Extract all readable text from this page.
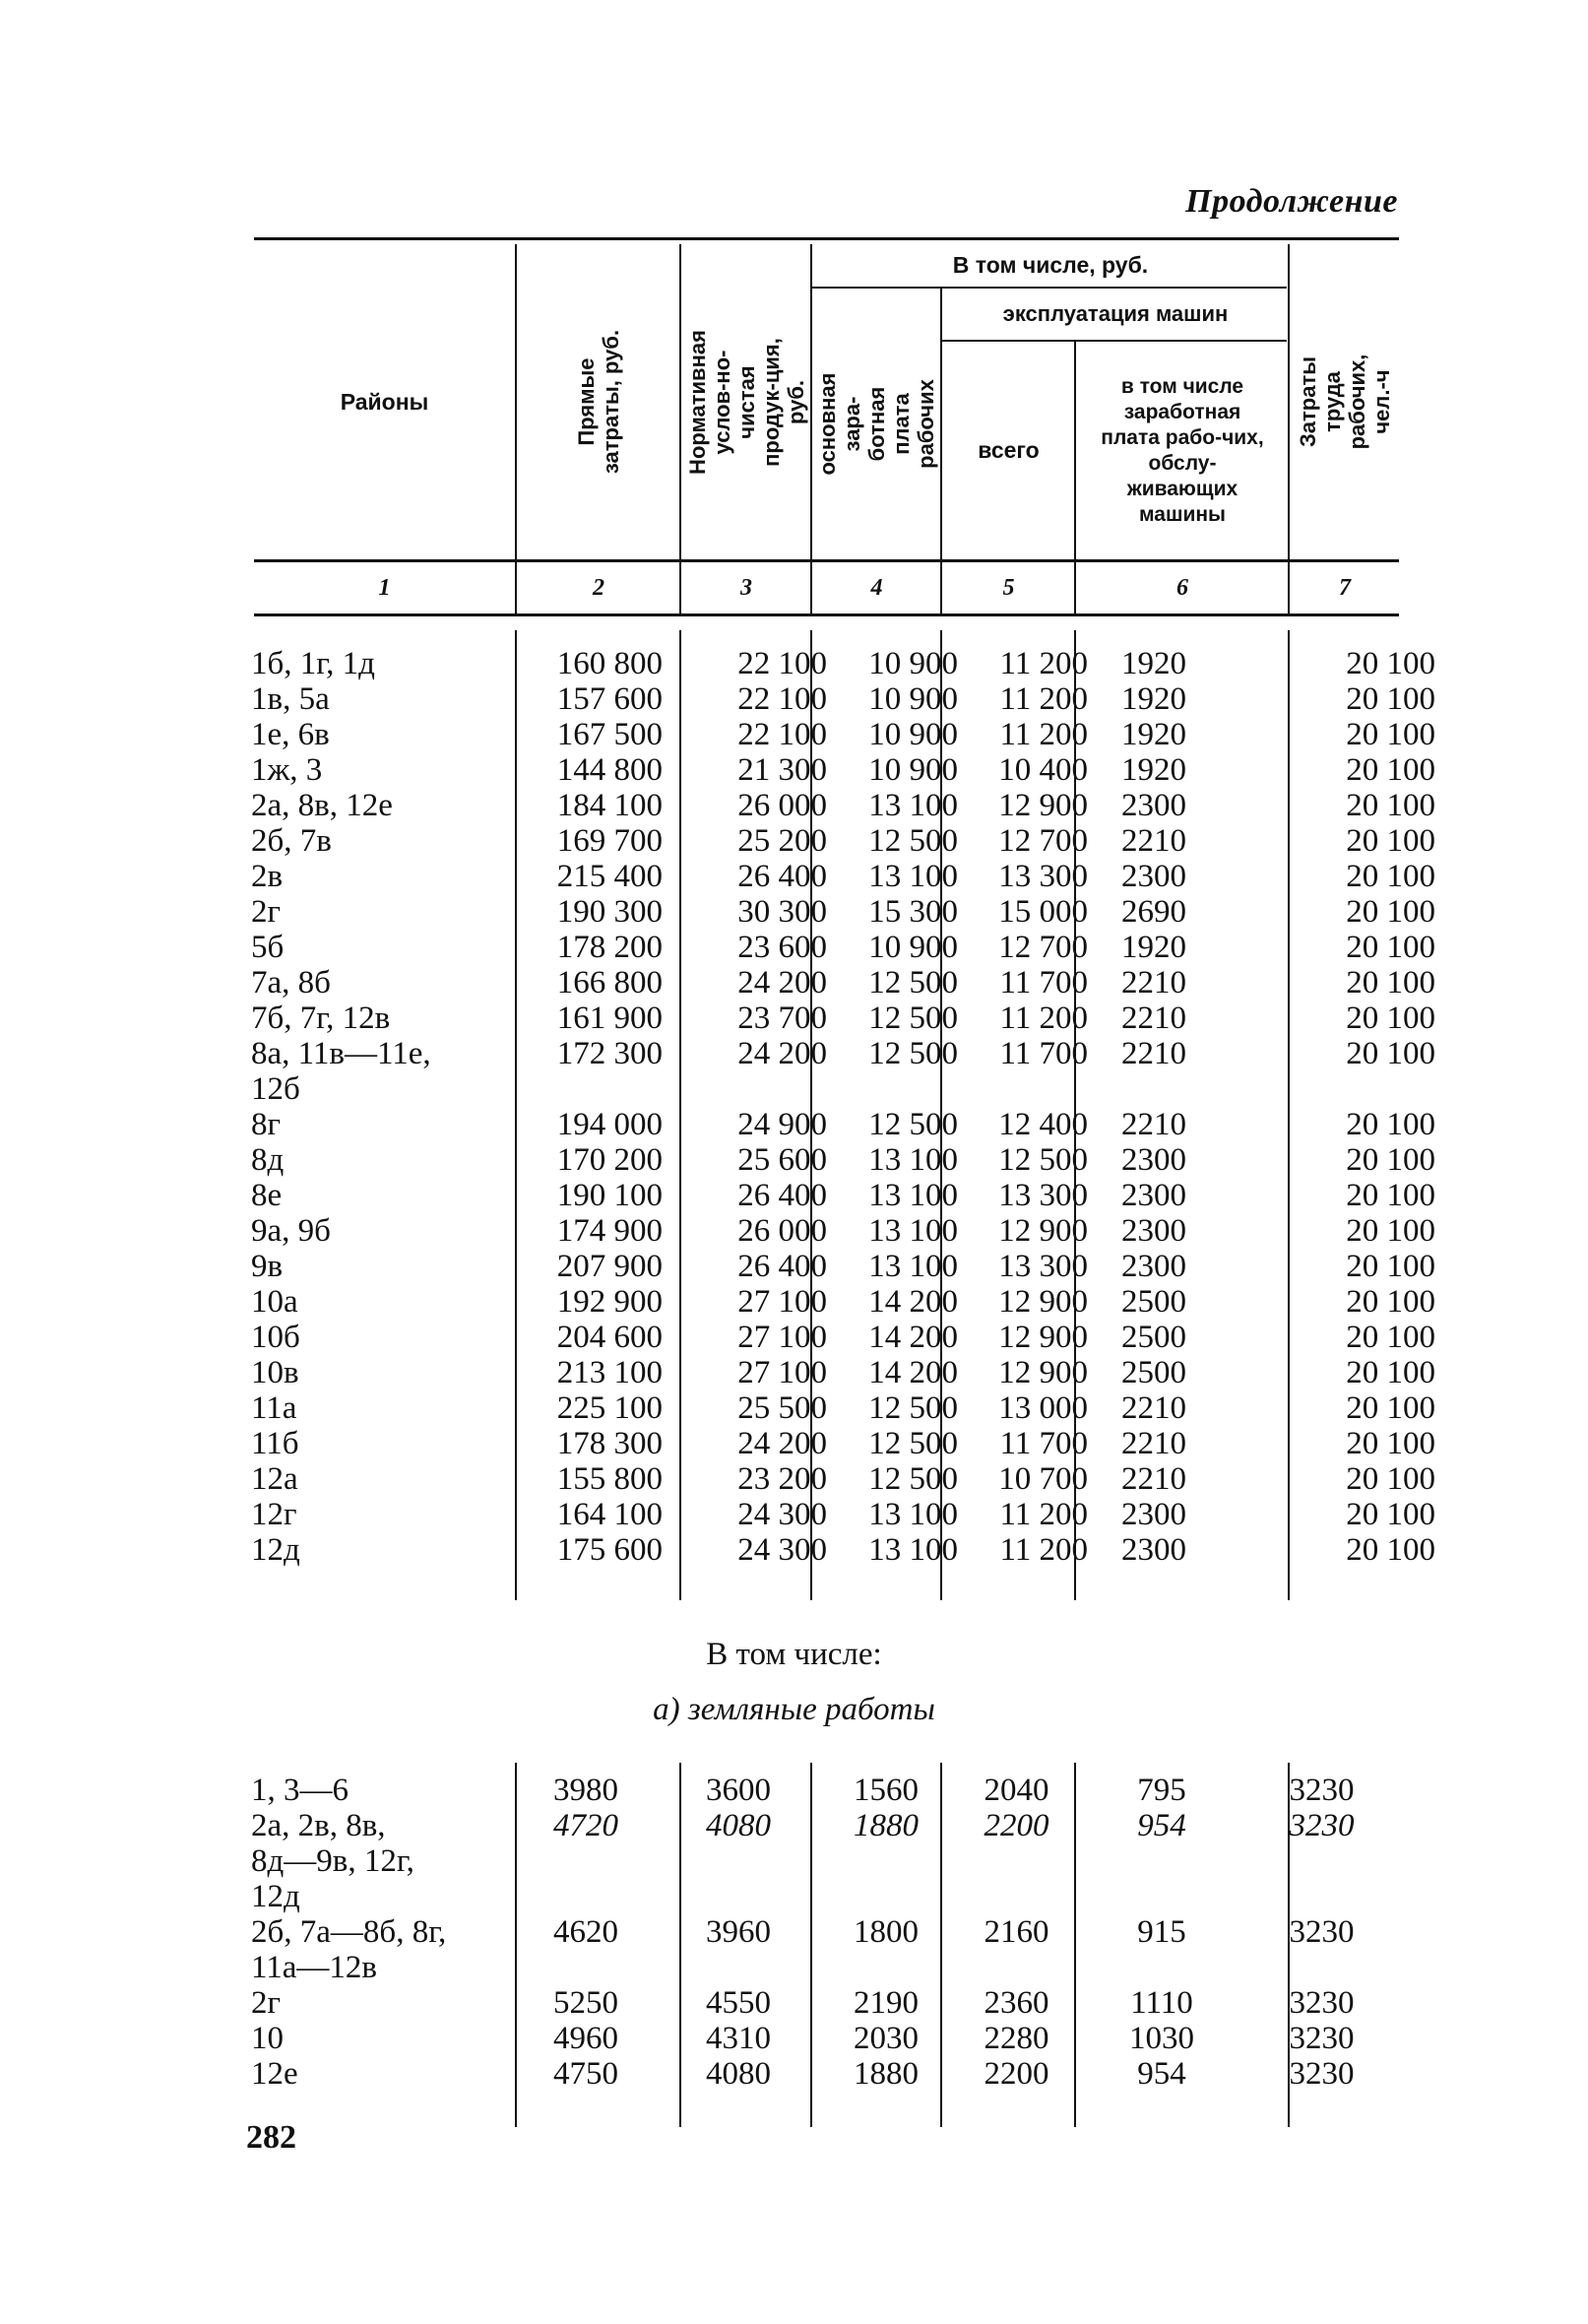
Продолжение
Районы	Прямые затраты, руб.	Нормативная услов-но-чистая продук-ция, руб.
В том числе, руб.
основная зара-ботная плата рабочих
эксплуатация машин
всего
в том числе заработная плата рабо-чих, обслу-живающих машины
Затраты труда рабочих, чел.-ч
1	2	3	4	5	6	7
1б, 1г, 1д	160 800	22 100	10 900	11 200	1920	20 100
1в, 5а	157 600	22 100	10 900	11 200	1920	20 100
1е, 6в	167 500	22 100	10 900	11 200	1920	20 100
1ж, 3	144 800	21 300	10 900	10 400	1920	20 100
2а, 8в, 12е	184 100	26 000	13 100	12 900	2300	20 100
2б, 7в	169 700	25 200	12 500	12 700	2210	20 100
2в	215 400	26 400	13 100	13 300	2300	20 100
2г	190 300	30 300	15 300	15 000	2690	20 100
5б	178 200	23 600	10 900	12 700	1920	20 100
7а, 8б	166 800	24 200	12 500	11 700	2210	20 100
7б, 7г, 12в	161 900	23 700	12 500	11 200	2210	20 100
8а, 11в—11е,	172 300	24 200	12 500	11 700	2210	20 100
12б						
8г	194 000	24 900	12 500	12 400	2210	20 100
8д	170 200	25 600	13 100	12 500	2300	20 100
8е	190 100	26 400	13 100	13 300	2300	20 100
9а, 9б	174 900	26 000	13 100	12 900	2300	20 100
9в	207 900	26 400	13 100	13 300	2300	20 100
10а	192 900	27 100	14 200	12 900	2500	20 100
10б	204 600	27 100	14 200	12 900	2500	20 100
10в	213 100	27 100	14 200	12 900	2500	20 100
11а	225 100	25 500	12 500	13 000	2210	20 100
11б	178 300	24 200	12 500	11 700	2210	20 100
12а	155 800	23 200	12 500	10 700	2210	20 100
12г	164 100	24 300	13 100	11 200	2300	20 100
12д	175 600	24 300	13 100	11 200	2300	20 100
В том числе:
а) земляные работы
1, 3—6	3980	3600	1560	2040	795	3230
2а, 2в, 8в,	4720	4080	1880	2200	954	3230
8д—9в, 12г,						
12д						
2б, 7а—8б, 8г,	4620	3960	1800	2160	915	3230
11а—12в						
2г	5250	4550	2190	2360	1110	3230
10	4960	4310	2030	2280	1030	3230
12е	4750	4080	1880	2200	954	3230
282
